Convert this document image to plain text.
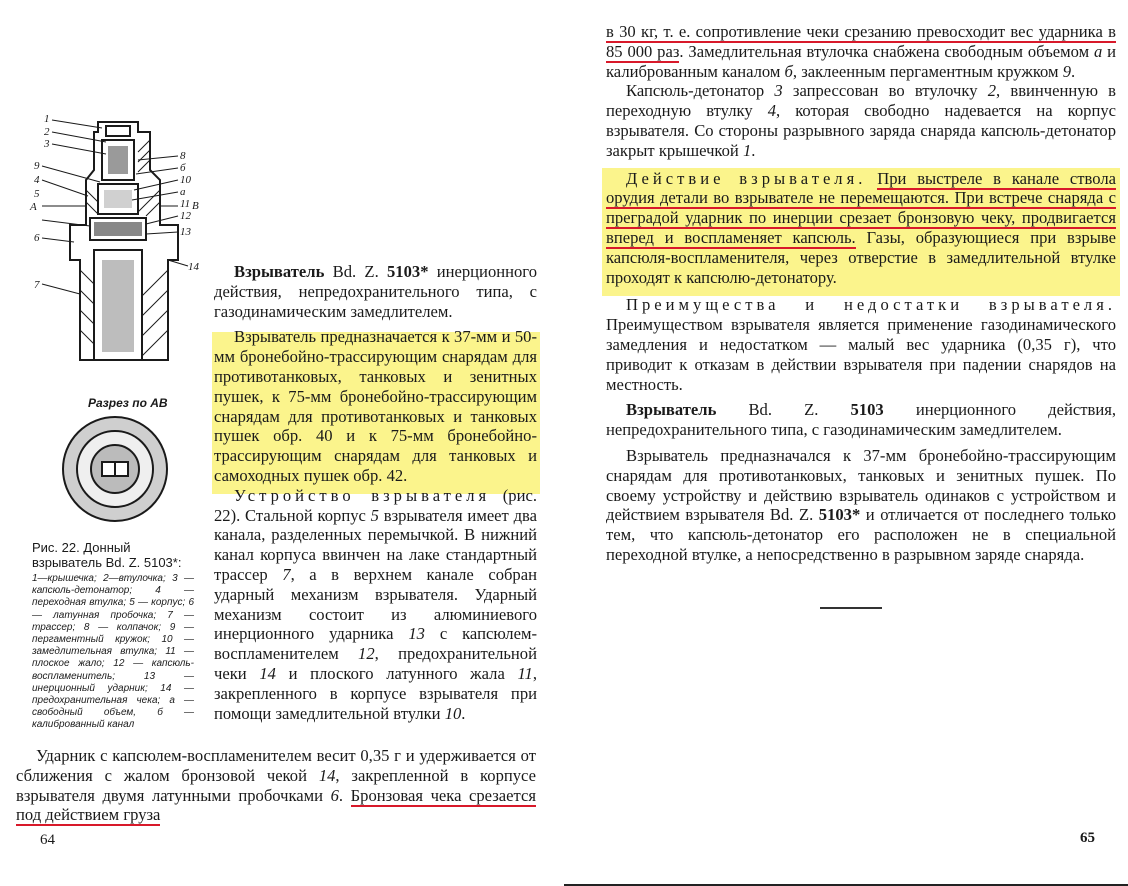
1
2
3
9
4
5
А
6
7
8
б
10
а
11 В
12
13
14
Разрез по АВ
Рис. 22. Донный взрыватель Bd. Z. 5103*:
1—крышечка; 2—втулочка; 3 — капсюль-детонатор; 4 — переходная втулка; 5 — корпус; 6 — латунная пробочка; 7 — трассер; 8 — колпачок; 9 — пергаментный кружок; 10 — замедлительная втулка; 11 — плоское жало; 12 — капсюль-воспламенитель; 13 — инерционный ударник; 14 — предохранительная чека; а — свободный объем, б — калиброванный канал

Взрыватель Bd. Z. 5103* инерционного действия, непредохранительного типа, с газодинамическим замедлителем.

Взрыватель предназначается к 37-мм и 50-мм бронебойно-трассирующим снарядам для противотанковых, танковых и зенитных пушек, к 75-мм бронебойно-трассирующим снарядам для противотанковых и танковых пушек обр. 40 и к 75-мм бронебойно-трассирующим снарядам для танковых и самоходных пушек обр. 42.

Устройство взрывателя (рис. 22). Стальной корпус 5 взрывателя имеет два канала, разделенных перемычкой. В нижний канал корпуса ввинчен на лаке стандартный трассер 7, а в верхнем канале собран ударный механизм взрывателя. Ударный механизм состоит из алюминиевого инерционного ударника 13 с капсюлем-воспламенителем 12, предохранительной чеки 14 и плоского латунного жала 11, закрепленного в корпусе взрывателя при помощи замедлительной втулки 10.

Ударник с капсюлем-воспламенителем весит 0,35 г и удерживается от сближения с жалом бронзовой чекой 14, закрепленной в корпусе взрывателя двумя латунными пробочками 6. Бронзовая чека срезается под действием груза

64

в 30 кг, т. е. сопротивление чеки срезанию превосходит вес ударника в 85 000 раз. Замедлительная втулочка снабжена свободным объемом а и калиброванным каналом б, заклеенным пергаментным кружком 9.

Капсюль-детонатор 3 запрессован во втулочку 2, ввинченную в переходную втулку 4, которая свободно надевается на корпус взрывателя. Со стороны разрывного заряда снаряда капсюль-детонатор закрыт крышечкой 1.

Действие взрывателя. При выстреле в канале ствола орудия детали во взрывателе не перемещаются. При встрече снаряда с преградой ударник по инерции срезает бронзовую чеку, продвигается вперед и воспламеняет капсюль. Газы, образующиеся при взрыве капсюля-воспламенителя, через отверстие в замедлительной втулке проходят к капсюлю-детонатору.

Преимущества и недостатки взрывателя. Преимуществом взрывателя является применение газодинамического замедления и недостатком — малый вес ударника (0,35 г), что приводит к отказам в действии взрывателя при падении снарядов на местность.

Взрыватель Bd. Z. 5103 инерционного действия, непредохранительного типа, с газодинамическим замедлителем.

Взрыватель предназначался к 37-мм бронебойно-трассирующим снарядам для противотанковых, танковых и зенитных пушек. По своему устройству и действию взрыватель одинаков с устройством и действием взрывателя Bd. Z. 5103* и отличается от последнего только тем, что капсюль-детонатор его расположен не в специальной переходной втулке, а непосредственно в разрывном заряде снаряда.

65
